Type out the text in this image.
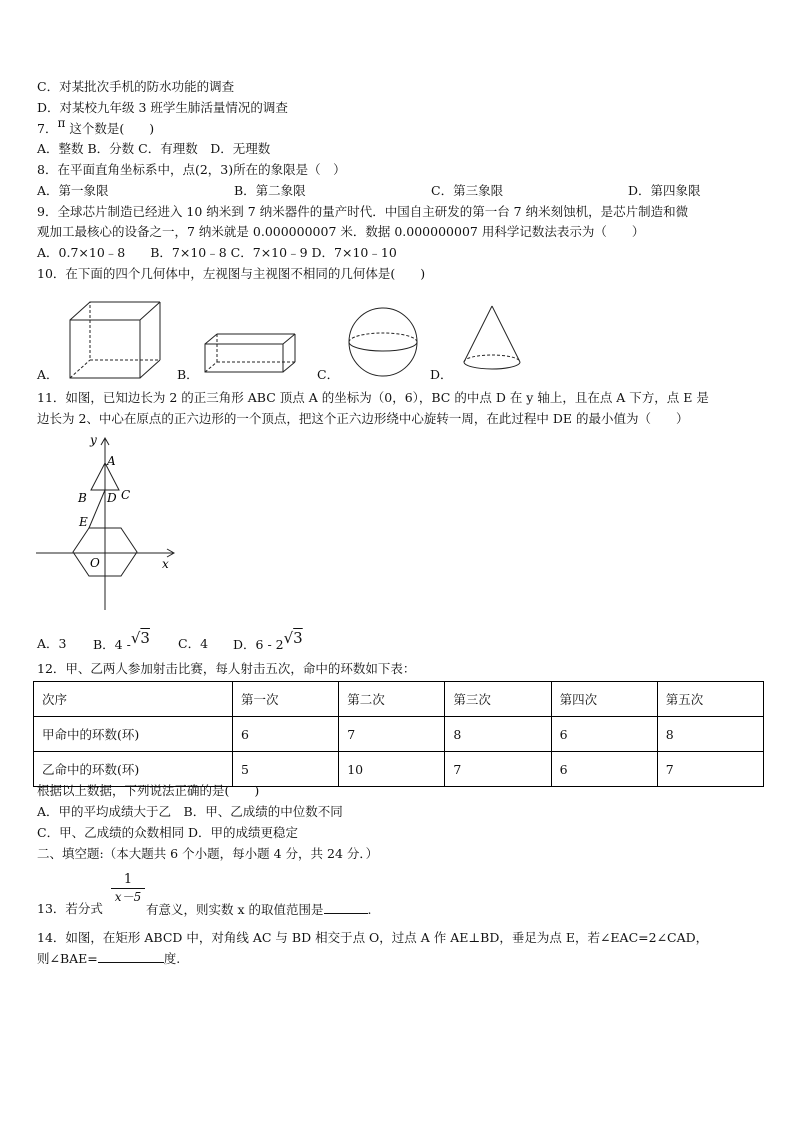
C．对某批次手机的防水功能的调查
D．对某校九年级 3 班学生肺活量情况的调查
7．π 这个数是(　　)
A．整数 B．分数 C．有理数　D．无理数
8．在平面直角坐标系中，点(2，3)所在的象限是（　）
A．第一象限	B．第二象限	C．第三象限	D．第四象限
9．全球芯片制造已经进入 10 纳米到 7 纳米器件的量产时代．中国自主研发的第一台 7 纳米刻蚀机，是芯片制造和微
观加工最核心的设备之一，7 纳米就是 0.000000007 米．数据 0.000000007 用科学记数法表示为（　　）
A．0.7×10﹣8　　B．7×10﹣8 C．7×10﹣9 D．7×10﹣10
10．在下面的四个几何体中，左视图与主视图不相同的几何体是(　　)
A．	B．	C．	D．
11．如图，已知边长为 2 的正三角形 ABC 顶点 A 的坐标为（0，6），BC 的中点 D 在 y 轴上，且在点 A 下方，点 E 是
边长为 2、中心在原点的正六边形的一个顶点，把这个正六边形绕中心旋转一周，在此过程中 DE 的最小值为（　　）
y
x
A
B D C
E
O
A．3 B．4 -√3 C．4 D．6 - 2√3
12．甲、乙两人参加射击比赛，每人射击五次，命中的环数如下表：
次序	第一次	第二次	第三次	第四次	第五次
甲命中的环数(环)	6	7	8	6	8
乙命中的环数(环)	5	10	7	6	7
根据以上数据，下列说法正确的是(　　)
A．甲的平均成绩大于乙　B．甲、乙成绩的中位数不同
C．甲、乙成绩的众数相同 D．甲的成绩更稳定
二、填空题:（本大题共 6 个小题，每小题 4 分，共 24 分．）
$\frac{1}{x-5}$
13．若分式	有意义，则实数 x 的取值范围是	.
14．如图，在矩形 ABCD 中，对角线 AC 与 BD 相交于点 O，过点 A 作 AE⊥BD，垂足为点 E，若∠EAC=2∠CAD，
则∠BAE=	度.
